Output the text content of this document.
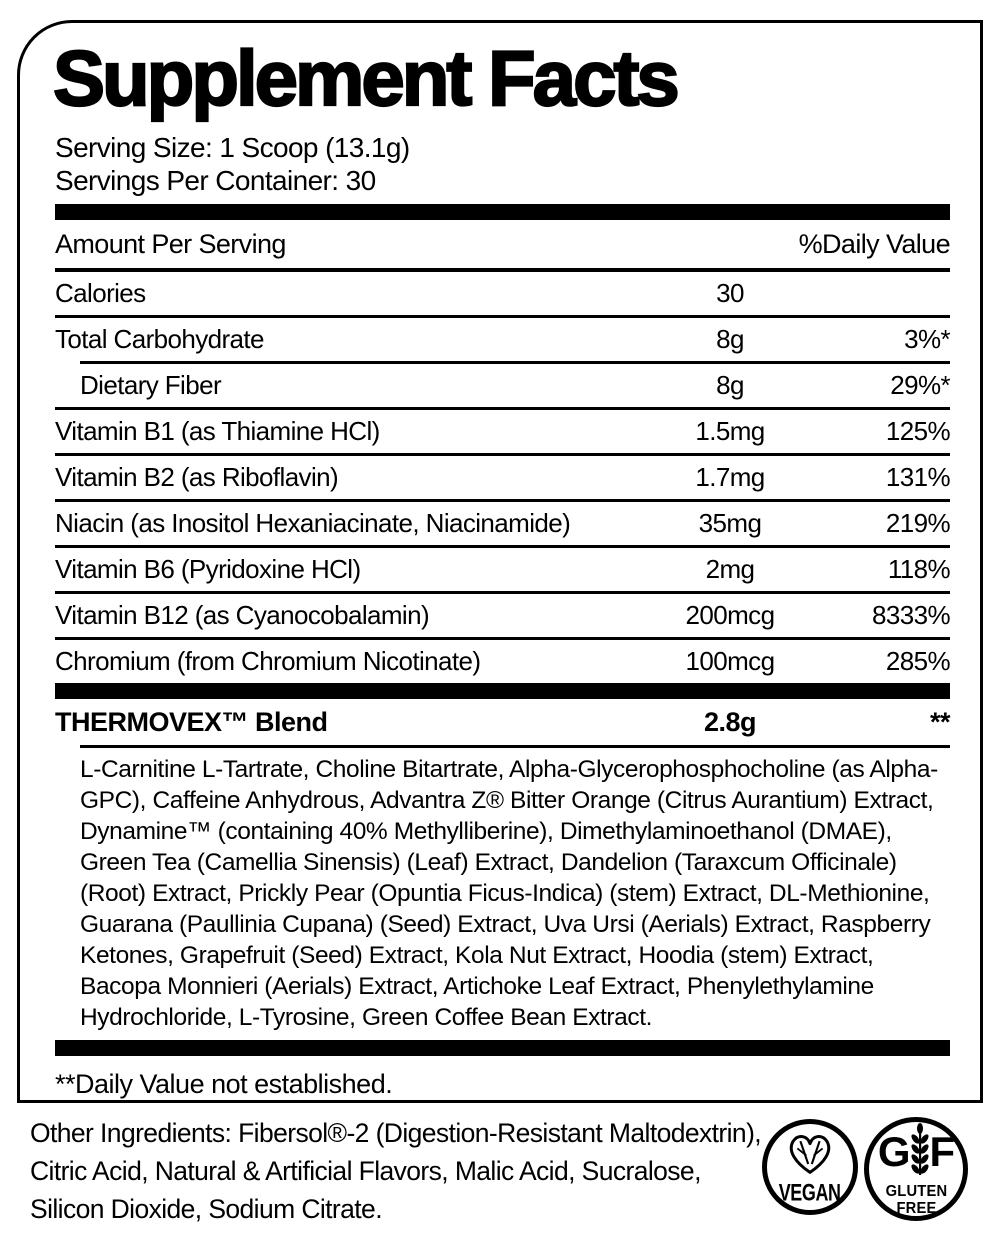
Supplement Facts
Serving Size: 1 Scoop (13.1g)
Servings Per Container: 30
Amount Per Serving	%Daily Value
Calories	30
Total Carbohydrate	8g	3%*
Dietary Fiber	8g	29%*
Vitamin B1 (as Thiamine HCl)	1.5mg	125%
Vitamin B2 (as Riboflavin)	1.7mg	131%
Niacin (as Inositol Hexaniacinate, Niacinamide)	35mg	219%
Vitamin B6 (Pyridoxine HCl)	2mg	118%
Vitamin B12 (as Cyanocobalamin)	200mcg	8333%
Chromium (from Chromium Nicotinate)	100mcg	285%
THERMOVEX™ Blend	2.8g	**

L-Carnitine L-Tartrate, Choline Bitartrate, Alpha-Glycerophosphocholine (as Alpha-GPC), Caffeine Anhydrous, Advantra Z® Bitter Orange (Citrus Aurantium) Extract, Dynamine™ (containing 40% Methylliberine), Dimethylaminoethanol (DMAE), Green Tea (Camellia Sinensis) (Leaf) Extract, Dandelion (Taraxcum Officinale) (Root) Extract, Prickly Pear (Opuntia Ficus-Indica) (stem) Extract, DL-Methionine, Guarana (Paullinia Cupana) (Seed) Extract, Uva Ursi (Aerials) Extract, Raspberry Ketones, Grapefruit (Seed) Extract, Kola Nut Extract, Hoodia (stem) Extract, Bacopa Monnieri (Aerials) Extract, Artichoke Leaf Extract, Phenylethylamine Hydrochloride, L-Tyrosine, Green Coffee Bean Extract.

**Daily Value not established.
Other Ingredients: Fibersol®-2 (Digestion-Resistant Maltodextrin), Citric Acid, Natural & Artificial Flavors, Malic Acid, Sucralose, Silicon Dioxide, Sodium Citrate.
VEGAN
G F
GLUTEN
FREE
